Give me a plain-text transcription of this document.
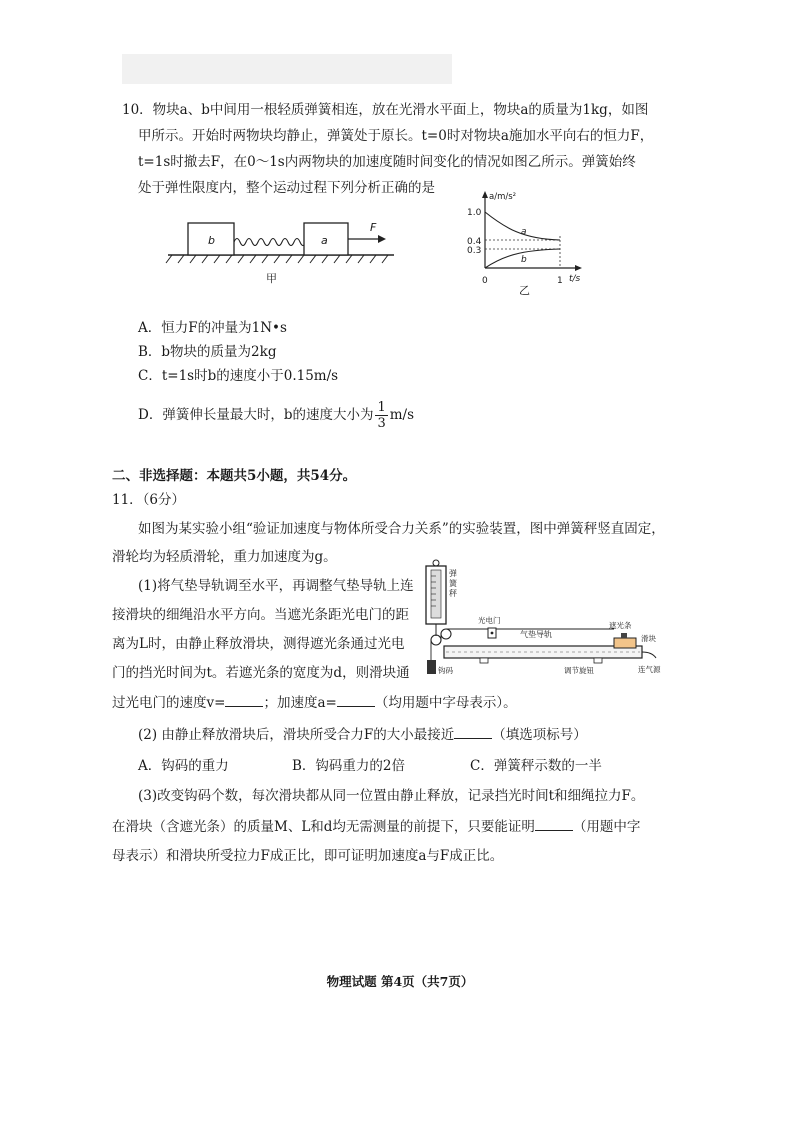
10．物块a、b中间用一根轻质弹簧相连，放在光滑水平面上，物块a的质量为1kg，如图
甲所示。开始时两物块均静止，弹簧处于原长。t=0时对物块a施加水平向右的恒力F，
t=1s时撤去F，在0～1s内两物块的加速度随时间变化的情况如图乙所示。弹簧始终
处于弹性限度内，整个运动过程下列分析正确的是
b	a
F
甲
a/m/s²
t/s
1.0
0.4
0.3
0	1
a
b
乙
A．恒力F的冲量为1N•s
B．b物块的质量为2kg
C．t=1s时b的速度小于0.15m/s
D．弹簧伸长量最大时，b的速度大小为 $\frac{1}{3} m/s$
二、非选择题：本题共5小题，共54分。
11．（6分）
如图为某实验小组“验证加速度与物体所受合力关系”的实验装置，图中弹簧秤竖直固定，
滑轮均为轻质滑轮，重力加速度为g。
(1)将气垫导轨调至水平，再调整气垫导轨上连
接滑块的细绳沿水平方向。当遮光条距光电门的距
离为L时，由静止释放滑块，测得遮光条通过光电
门的挡光时间为t。若遮光条的宽度为d，则滑块通
过光电门的速度v=	；加速度a=	（均用题中字母表示）。
(2) 由静止释放滑块后，滑块所受合力F的大小最接近	（填选项标号）
A．钩码的重力	B．钩码重力的2倍	C．弹簧秤示数的一半
(3)改变钩码个数，每次滑块都从同一位置由静止释放，记录挡光时间t和细绳拉力F。
在滑块（含遮光条）的质量M、L和d均无需测量的前提下，只要能证明	（用题中字
母表示）和滑块所受拉力F成正比，即可证明加速度a与F成正比。
弹
簧
秤
钩码
气垫导轨
调节旋钮
光电门
遮光条
滑块
连气源
物理试题 第4页（共7页）
